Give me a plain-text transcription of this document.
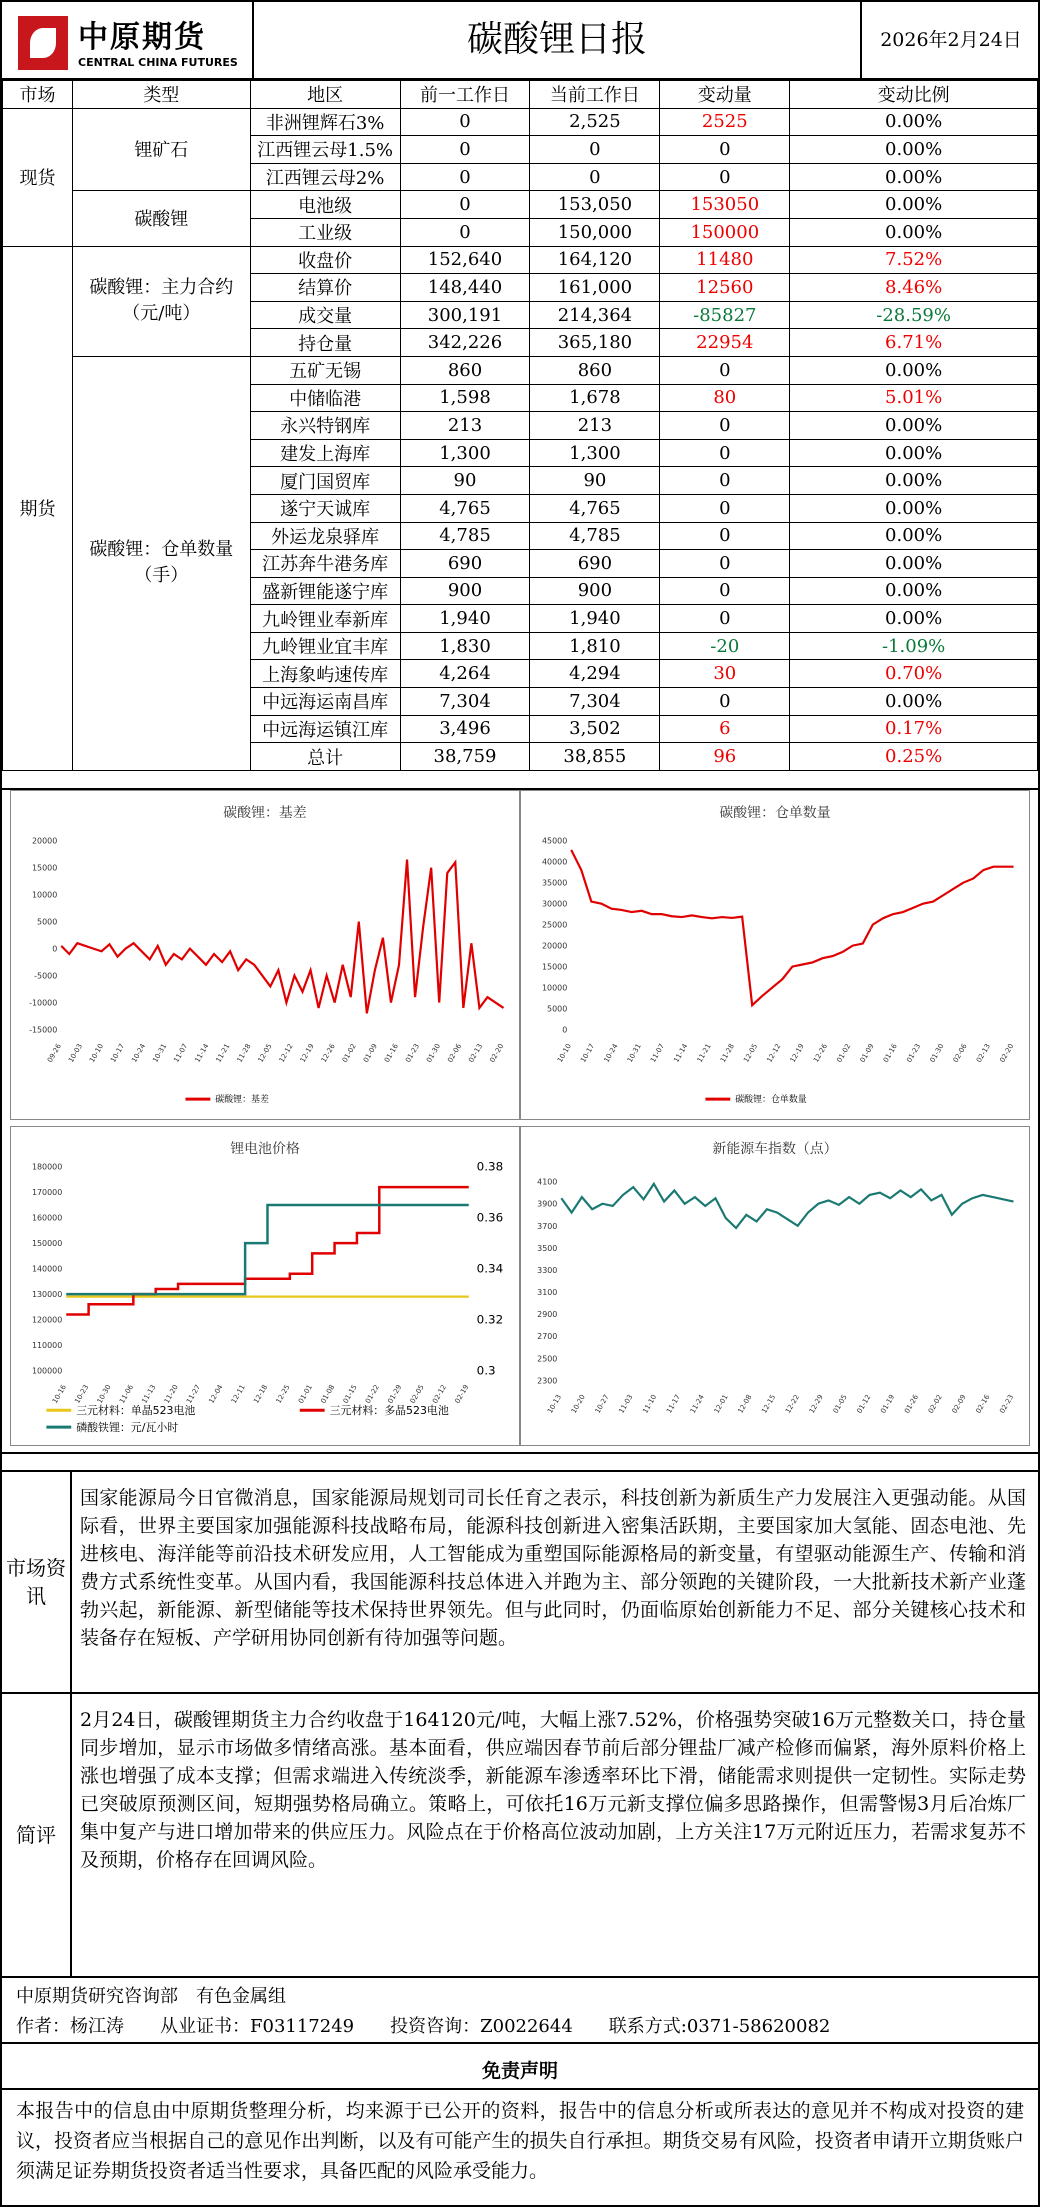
中原期货
CENTRAL CHINA FUTURES
碳酸锂日报	2026年2月24日
市场	类型	地区	前一工作日	当前工作日	变动量	变动比例
现货	锂矿石	非洲锂辉石3%	0	2,525	2525	0.00%
		江西锂云母1.5%	0	0	0	0.00%
		江西锂云母2%	0	0	0	0.00%
	碳酸锂	电池级	0	153,050	153050	0.00%
		工业级	0	150,000	150000	0.00%
期货	碳酸锂：主力合约（元/吨）	收盘价	152,640	164,120	11480	7.52%
		结算价	148,440	161,000	12560	8.46%
		成交量	300,191	214,364	-85827	-28.59%
		持仓量	342,226	365,180	22954	6.71%
	碳酸锂：仓单数量（手）	五矿无锡	860	860	0	0.00%
		中储临港	1,598	1,678	80	5.01%
		永兴特钢库	213	213	0	0.00%
		建发上海库	1,300	1,300	0	0.00%
		厦门国贸库	90	90	0	0.00%
		遂宁天诚库	4,765	4,765	0	0.00%
		外运龙泉驿库	4,785	4,785	0	0.00%
		江苏奔牛港务库	690	690	0	0.00%
		盛新锂能遂宁库	900	900	0	0.00%
		九岭锂业奉新库	1,940	1,940	0	0.00%
		九岭锂业宜丰库	1,830	1,810	-20	-1.09%
		上海象屿速传库	4,264	4,294	30	0.70%
		中远海运南昌库	7,304	7,304	0	0.00%
		中远海运镇江库	3,496	3,502	6	0.17%
		总计	38,759	38,855	96	0.25%
碳酸锂：基差
20000
15000
10000
5000
0
-5000
-10000
-15000
09-26 10-03 10-10 10-17 10-24 10-31 11-07 11-14 11-21 11-28 12-05 12-12 12-19 12-26 01-02 01-09 01-16 01-23 01-30 02-06 02-13 02-20
碳酸锂：基差
碳酸锂：仓单数量
45000
40000
35000
30000
25000
20000
15000
10000
5000
0
10-10 10-17 10-24 10-31 11-07 11-14 11-21 11-28 12-05 12-12 12-19 12-26 01-02 01-09 01-16 01-23 01-30 02-06 02-13 02-20
碳酸锂：仓单数量
锂电池价格
180000
170000
160000
150000
140000
130000
120000
110000
100000
10-16 10-23 10-30 11-06 11-13 11-20 11-27 12-04 12-11 12-18 12-25 01-01 01-08 01-15 01-22 01-29 02-05 02-12 02-19
0.38
0.36
0.34
0.32
0.3
三元材料：单晶523电池	三元材料：多晶523电池
磷酸铁锂：元/瓦小时
新能源车指数（点）
4100
3900
3700
3500
3300
3100
2900
2700
2500
2300
10-13 10-20 10-27 11-03 11-10 11-17 11-24 12-01 12-08 12-15 12-22 12-29 01-05 01-12 01-19 01-26 02-02 02-09 02-16 02-23
市场资讯
国家能源局今日官微消息，国家能源局规划司司长任育之表示，科技创新为新质生产力发展注入更强动能。从国际看，世界主要国家加强能源科技战略布局，能源科技创新进入密集活跃期，主要国家加大氢能、固态电池、先进核电、海洋能等前沿技术研发应用，人工智能成为重塑国际能源格局的新变量，有望驱动能源生产、传输和消费方式系统性变革。从国内看，我国能源科技总体进入并跑为主、部分领跑的关键阶段，一大批新技术新产业蓬勃兴起，新能源、新型储能等技术保持世界领先。但与此同时，仍面临原始创新能力不足、部分关键核心技术和装备存在短板、产学研用协同创新有待加强等问题。
简评
2月24日，碳酸锂期货主力合约收盘于164120元/吨，大幅上涨7.52%，价格强势突破16万元整数关口，持仓量同步增加，显示市场做多情绪高涨。基本面看，供应端因春节前后部分锂盐厂减产检修而偏紧，海外原料价格上涨也增强了成本支撑；但需求端进入传统淡季，新能源车渗透率环比下滑，储能需求则提供一定韧性。实际走势已突破原预测区间，短期强势格局确立。策略上，可依托16万元新支撑位偏多思路操作，但需警惕3月后冶炼厂集中复产与进口增加带来的供应压力。风险点在于价格高位波动加剧，上方关注17万元附近压力，若需求复苏不及预期，价格存在回调风险。
中原期货研究咨询部　有色金属组
作者：杨江涛　　从业证书：F03117249　　投资咨询：Z0022644　　联系方式:0371-58620082
免责声明
本报告中的信息由中原期货整理分析，均来源于已公开的资料，报告中的信息分析或所表达的意见并不构成对投资的建议，投资者应当根据自己的意见作出判断，以及有可能产生的损失自行承担。期货交易有风险，投资者申请开立期货账户须满足证券期货投资者适当性要求，具备匹配的风险承受能力。
